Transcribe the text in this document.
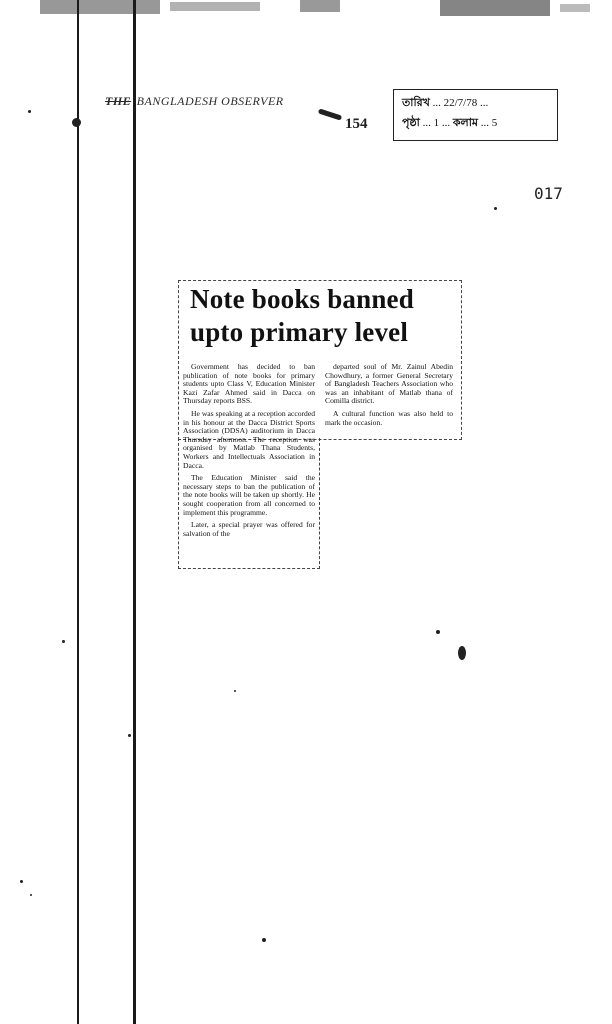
THE BANGLADESH OBSERVER
154
তারিখ ... 22/7/78 ...
পৃষ্ঠা ... 1 ... কলাম ... 5
017
Note books banned upto primary level

Government has decided to ban publication of note books for primary students upto Class V, Education Minister Kazi Zafar Ahmed said in Dacca on Thursday reports BSS.

He was speaking at a reception accorded in his honour at the Dacca District Sports Association (DDSA) auditorium in Dacca Thursday afternoon. The reception was organised by Matlab Thana Students, Workers and Intellectuals Association in Dacca.

The Education Minister said the necessary steps to ban the publication of the note books will be taken up shortly. He sought cooperation from all concerned to implement this programme.

Later, a special prayer was offered for salvation of the

departed soul of Mr. Zainul Abedin Chowdhury, a former General Secretary of Bangladesh Teachers Association who was an inhabitant of Matlab thana of Comilla district.

A cultural function was also held to mark the occasion.
